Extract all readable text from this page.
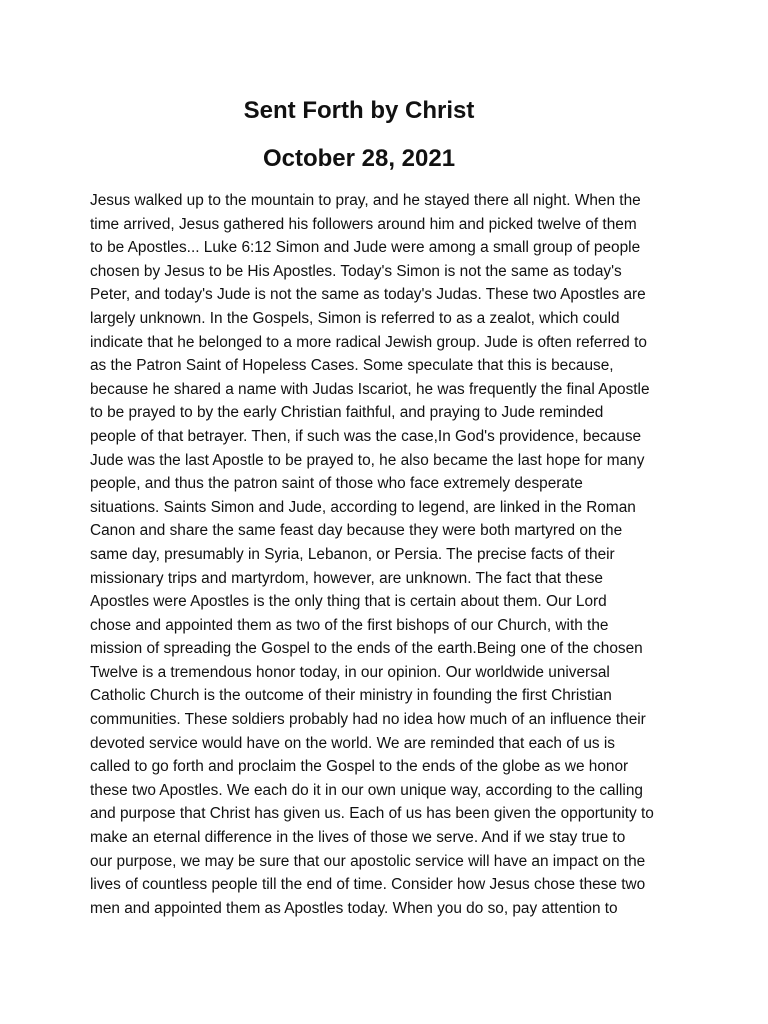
Sent Forth by Christ
October 28, 2021
Jesus walked up to the mountain to pray, and he stayed there all night. When the
time arrived, Jesus gathered his followers around him and picked twelve of them
to be Apostles... Luke 6:12 Simon and Jude were among a small group of people
chosen by Jesus to be His Apostles. Today's Simon is not the same as today's
Peter, and today's Jude is not the same as today's Judas. These two Apostles are
largely unknown. In the Gospels, Simon is referred to as a zealot, which could
indicate that he belonged to a more radical Jewish group. Jude is often referred to
as the Patron Saint of Hopeless Cases. Some speculate that this is because,
because he shared a name with Judas Iscariot, he was frequently the final Apostle
to be prayed to by the early Christian faithful, and praying to Jude reminded
people of that betrayer. Then, if such was the case,In God's providence, because
Jude was the last Apostle to be prayed to, he also became the last hope for many
people, and thus the patron saint of those who face extremely desperate
situations. Saints Simon and Jude, according to legend, are linked in the Roman
Canon and share the same feast day because they were both martyred on the
same day, presumably in Syria, Lebanon, or Persia. The precise facts of their
missionary trips and martyrdom, however, are unknown. The fact that these
Apostles were Apostles is the only thing that is certain about them. Our Lord
chose and appointed them as two of the first bishops of our Church, with the
mission of spreading the Gospel to the ends of the earth.Being one of the chosen
Twelve is a tremendous honor today, in our opinion. Our worldwide universal
Catholic Church is the outcome of their ministry in founding the first Christian
communities. These soldiers probably had no idea how much of an influence their
devoted service would have on the world. We are reminded that each of us is
called to go forth and proclaim the Gospel to the ends of the globe as we honor
these two Apostles. We each do it in our own unique way, according to the calling
and purpose that Christ has given us. Each of us has been given the opportunity to
make an eternal difference in the lives of those we serve. And if we stay true to
our purpose, we may be sure that our apostolic service will have an impact on the
lives of countless people till the end of time. Consider how Jesus chose these two
men and appointed them as Apostles today. When you do so, pay attention to
